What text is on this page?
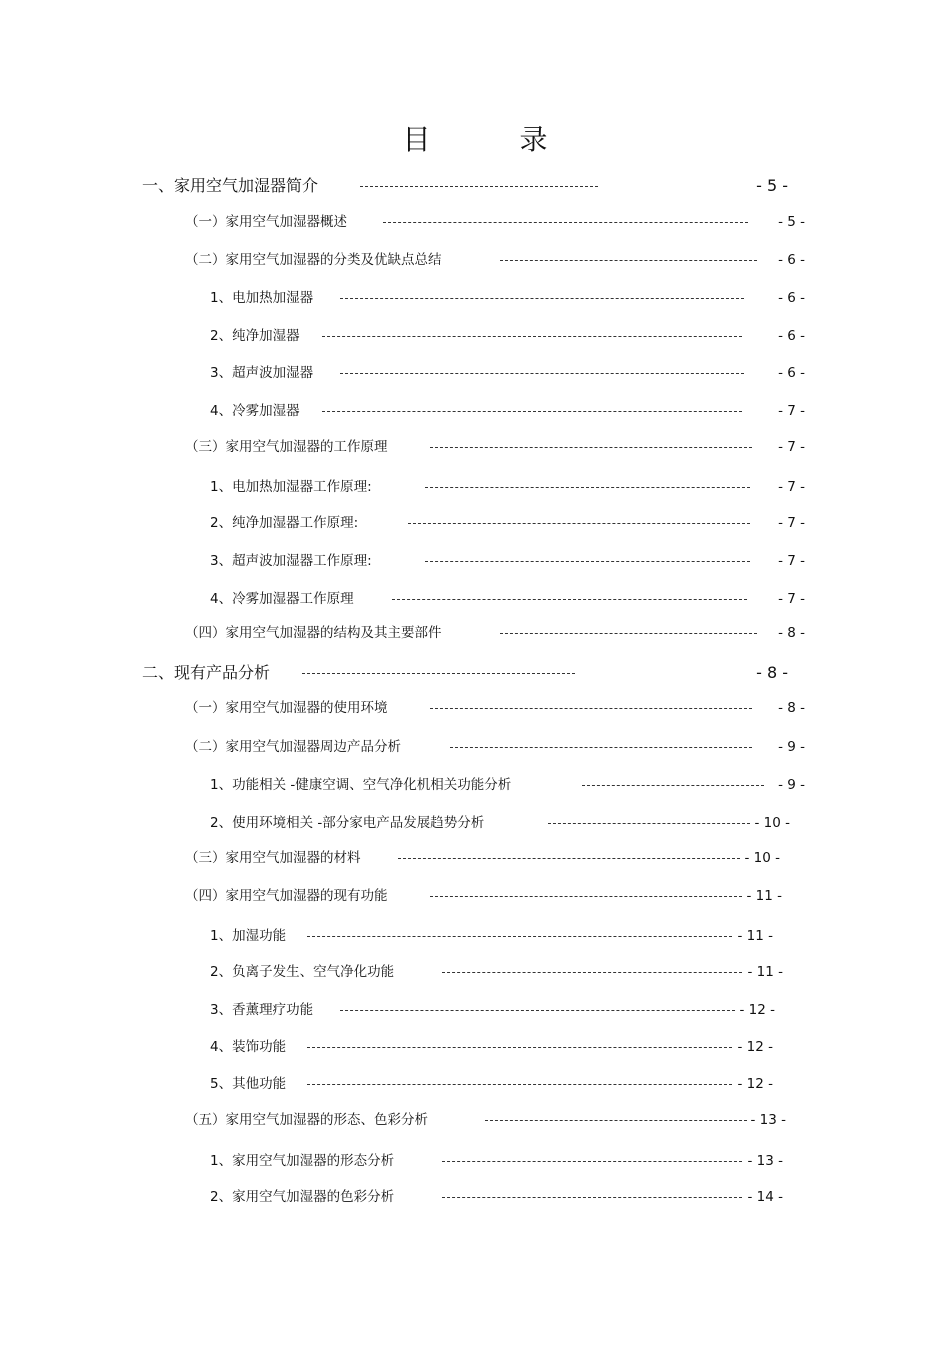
目 录
一、家用空气加湿器简介	- 5 -
（一）家用空气加湿器概述	- 5 -
（二）家用空气加湿器的分类及优缺点总结	- 6 -
1、电加热加湿器	- 6 -
2、纯净加湿器	- 6 -
3、超声波加湿器	- 6 -
4、冷雾加湿器	- 7 -
（三）家用空气加湿器的工作原理	- 7 -
1、电加热加湿器工作原理:	- 7 -
2、纯净加湿器工作原理:	- 7 -
3、超声波加湿器工作原理:	- 7 -
4、冷雾加湿器工作原理	- 7 -
（四）家用空气加湿器的结构及其主要部件	- 8 -
二、现有产品分析	- 8 -
（一）家用空气加湿器的使用环境	- 8 -
（二）家用空气加湿器周边产品分析	- 9 -
1、功能相关 -健康空调、空气净化机相关功能分析	- 9 -
2、使用环境相关 -部分家电产品发展趋势分析	- 10 -
（三）家用空气加湿器的材料	- 10 -
（四）家用空气加湿器的现有功能	- 11 -
1、加湿功能	- 11 -
2、负离子发生、空气净化功能	- 11 -
3、香薰理疗功能	- 12 -
4、装饰功能	- 12 -
5、其他功能	- 12 -
（五）家用空气加湿器的形态、色彩分析	- 13 -
1、家用空气加湿器的形态分析	- 13 -
2、家用空气加湿器的色彩分析	- 14 -
